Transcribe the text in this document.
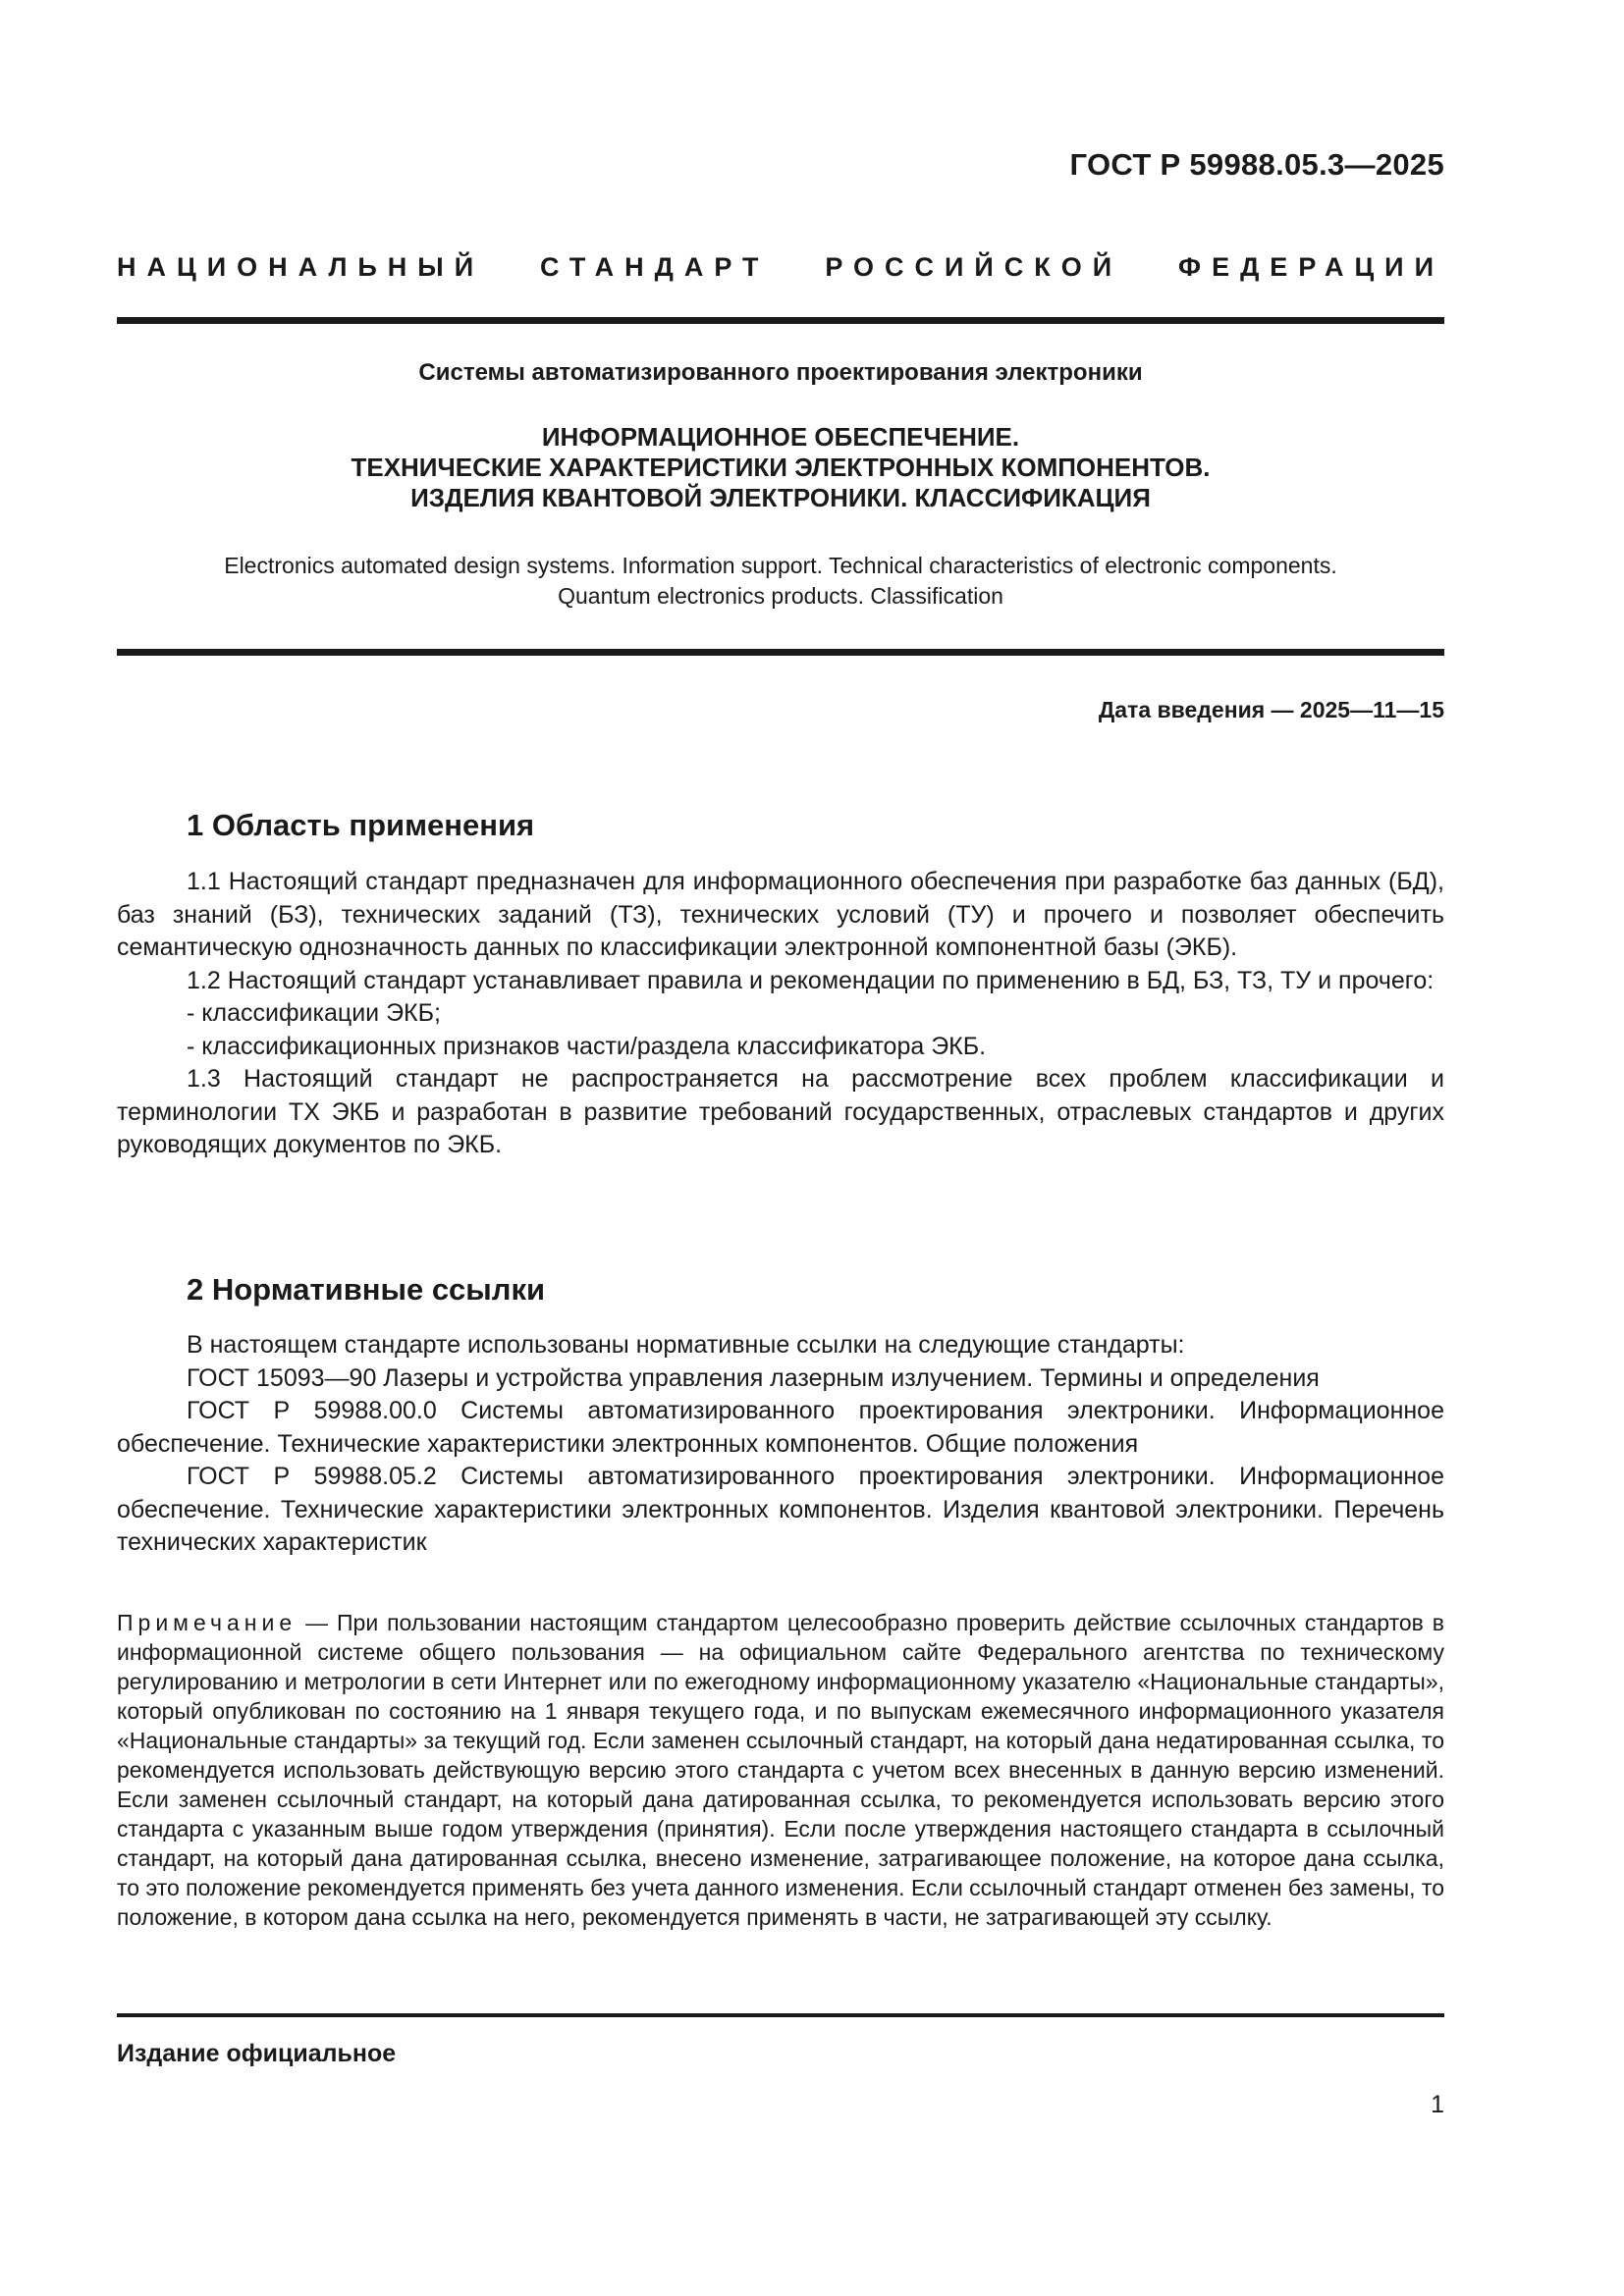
ГОСТ Р 59988.05.3—2025
НАЦИОНАЛЬНЫЙ СТАНДАРТ РОССИЙСКОЙ ФЕДЕРАЦИИ
Системы автоматизированного проектирования электроники
ИНФОРМАЦИОННОЕ ОБЕСПЕЧЕНИЕ.
ТЕХНИЧЕСКИЕ ХАРАКТЕРИСТИКИ ЭЛЕКТРОННЫХ КОМПОНЕНТОВ.
ИЗДЕЛИЯ КВАНТОВОЙ ЭЛЕКТРОНИКИ. КЛАССИФИКАЦИЯ
Electronics automated design systems. Information support. Technical characteristics of electronic components.
Quantum electronics products. Classification
Дата введения — 2025—11—15
1 Область применения

1.1 Настоящий стандарт предназначен для информационного обеспечения при разработке баз данных (БД), баз знаний (БЗ), технических заданий (ТЗ), технических условий (ТУ) и прочего и позволяет обеспечить семантическую однозначность данных по классификации электронной компонентной базы (ЭКБ).

1.2 Настоящий стандарт устанавливает правила и рекомендации по применению в БД, БЗ, ТЗ, ТУ и прочего:

- классификации ЭКБ;

- классификационных признаков части/раздела классификатора ЭКБ.

1.3 Настоящий стандарт не распространяется на рассмотрение всех проблем классификации и терминологии ТХ ЭКБ и разработан в развитие требований государственных, отраслевых стандартов и других руководящих документов по ЭКБ.

2 Нормативные ссылки

В настоящем стандарте использованы нормативные ссылки на следующие стандарты:

ГОСТ 15093—90 Лазеры и устройства управления лазерным излучением. Термины и определения

ГОСТ Р 59988.00.0 Системы автоматизированного проектирования электроники. Информационное обеспечение. Технические характеристики электронных компонентов. Общие положения

ГОСТ Р 59988.05.2 Системы автоматизированного проектирования электроники. Информационное обеспечение. Технические характеристики электронных компонентов. Изделия квантовой электроники. Перечень технических характеристик

Примечание — При пользовании настоящим стандартом целесообразно проверить действие ссылочных стандартов в информационной системе общего пользования — на официальном сайте Федерального агентства по техническому регулированию и метрологии в сети Интернет или по ежегодному информационному указателю «Национальные стандарты», который опубликован по состоянию на 1 января текущего года, и по выпускам ежемесячного информационного указателя «Национальные стандарты» за текущий год. Если заменен ссылочный стандарт, на который дана недатированная ссылка, то рекомендуется использовать действующую версию этого стандарта с учетом всех внесенных в данную версию изменений. Если заменен ссылочный стандарт, на который дана датированная ссылка, то рекомендуется использовать версию этого стандарта с указанным выше годом утверждения (принятия). Если после утверждения настоящего стандарта в ссылочный стандарт, на который дана датированная ссылка, внесено изменение, затрагивающее положение, на которое дана ссылка, то это положение рекомендуется применять без учета данного изменения. Если ссылочный стандарт отменен без замены, то положение, в котором дана ссылка на него, рекомендуется применять в части, не затрагивающей эту ссылку.
Издание официальное
1
